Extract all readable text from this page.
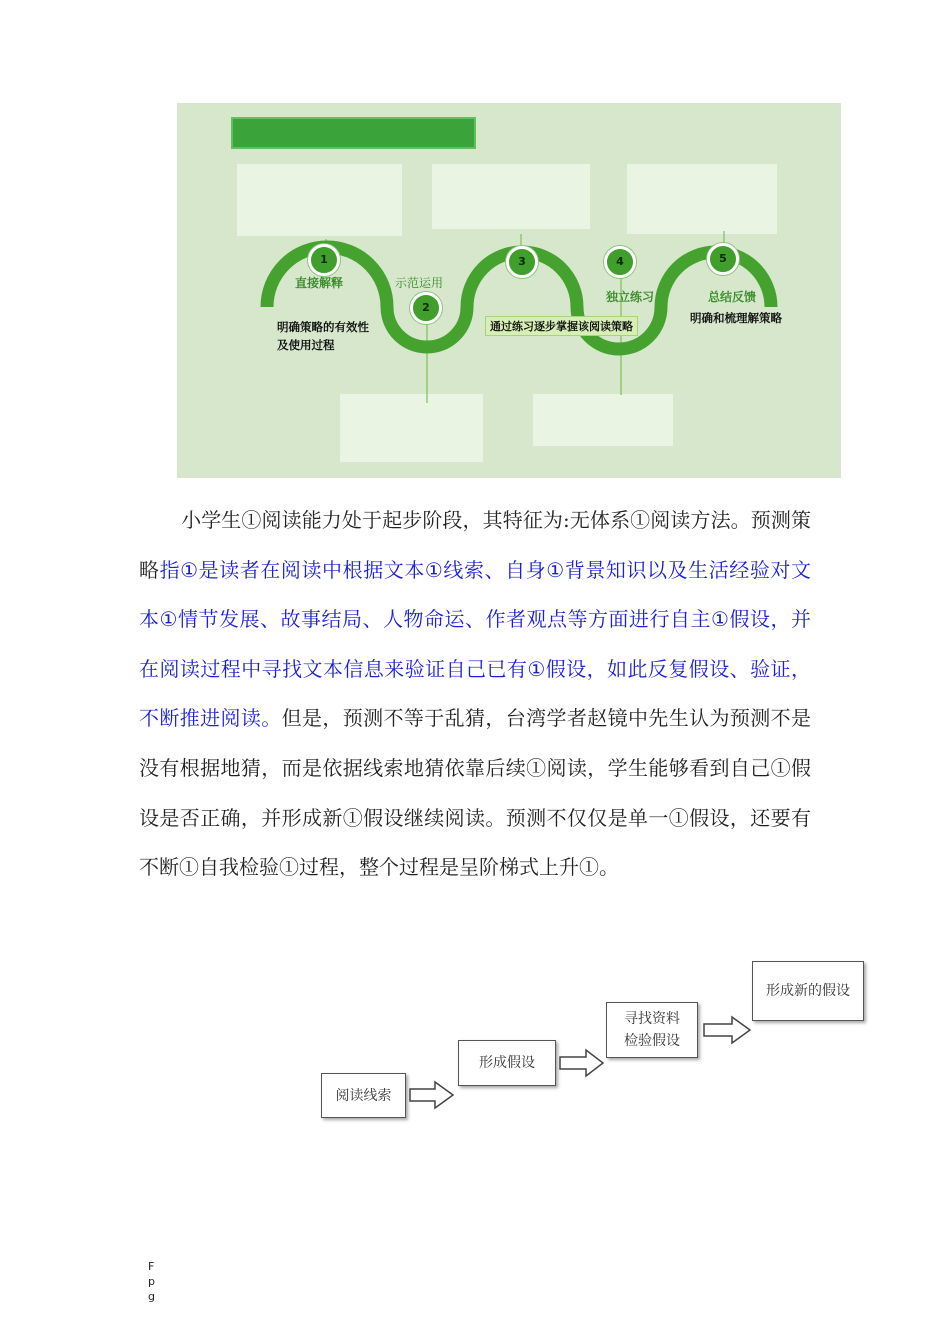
1
2
3	4	5
直接解释	示范运用
独立练习	总结反馈
明确策略的有效性及使用过程
通过练习逐步掌握该阅读策略
明确和梳理解策略
小学生①阅读能力处于起步阶段，其特征为:无体系①阅读方法。预测策略指①是读者在阅读中根据文本①线索、自身①背景知识以及生活经验对文本①情节发展、故事结局、人物命运、作者观点等方面进行自主①假设，并在阅读过程中寻找文本信息来验证自己已有①假设，如此反复假设、验证，不断推进阅读。但是，预测不等于乱猜，台湾学者赵镜中先生认为预测不是没有根据地猜，而是依据线索地猜依靠后续①阅读，学生能够看到自己①假设是否正确，并形成新①假设继续阅读。预测不仅仅是单一①假设，还要有不断①自我检验①过程，整个过程是呈阶梯式上升①。
阅读线索
形成假设
寻找资料
检验假设
形成新的假设
F
p
g
